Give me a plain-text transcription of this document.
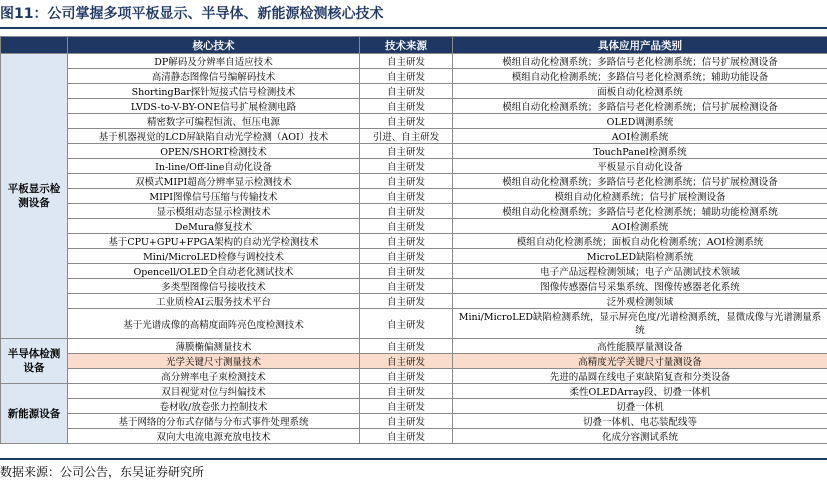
图11：公司掌握多项平板显示、半导体、新能源检测核心技术
	核心技术	技术来源	具体应用产品类别
平板显示检测设备	DP解码及分辨率自适应技术	自主研发	模组自动化检测系统；多路信号老化检测系统；信号扩展检测设备
	高清静态图像信号编解码技术	自主研发	模组自动化检测系统；多路信号老化检测系统；辅助功能设备
	ShortingBar探针短接式信号检测技术	自主研发	面板自动化检测系统
	LVDS-to-V-BY-ONE信号扩展检测电路	自主研发	模组自动化检测系统；多路信号老化检测系统；信号扩展检测设备
	精密数字可编程恒流、恒压电源	自主研发	OLED调测系统
	基于机器视觉的LCD屏缺陷自动光学检测（AOI）技术	引进、自主研发	AOI检测系统
	OPEN/SHORT检测技术	自主研发	TouchPanel检测系统
	In-line/Off-line自动化设备	自主研发	平板显示自动化设备
	双模式MIPI超高分辨率显示检测技术	自主研发	模组自动化检测系统；多路信号老化检测系统；信号扩展检测设备
	MIPI图像信号压缩与传输技术	自主研发	模组自动化检测系统；信号扩展检测设备
	显示模组动态显示检测技术	自主研发	模组自动化检测系统；多路信号老化检测系统；辅助功能检测系统
	DeMura修复技术	自主研发	AOI检测系统
	基于CPU+GPU+FPGA架构的自动光学检测技术	自主研发	模组自动化检测系统；面板自动化检测系统；AOI检测系统
	Mini/MicroLED检修与调校技术	自主研发	MicroLED缺陷检测系统
	Opencell/OLED全自动老化测试技术	自主研发	电子产品远程检测领域；电子产品测试技术领域
	多类型图像信号接收技术	自主研发	图像传感器信号采集系统、图像传感器老化系统
	工业质检AI云服务技术平台	自主研发	泛外观检测领域
	基于光谱成像的高精度面阵亮色度检测技术	自主研发	Mini/MicroLED缺陷检测系统，显示屏亮色度/光谱检测系统，显微成像与光谱测量系统
半导体检测设备	薄膜椭偏测量技术	自主研发	高性能膜厚量测设备
	光学关键尺寸测量技术	自主研发	高精度光学关键尺寸量测设备
	高分辨率电子束检测技术	自主研发	先进的晶圆在线电子束缺陷复查和分类设备
新能源设备	双目视觉对位与纠偏技术	自主研发	柔性OLEDArray段、切叠一体机
	卷材收/放卷张力控制技术	自主研发	切叠一体机
	基于网络的分布式存储与分布式事件处理系统	自主研发	切叠一体机、电芯装配线等
	双向大电流电源充放电技术	自主研发	化成分容测试系统
数据来源：公司公告，东吴证券研究所
